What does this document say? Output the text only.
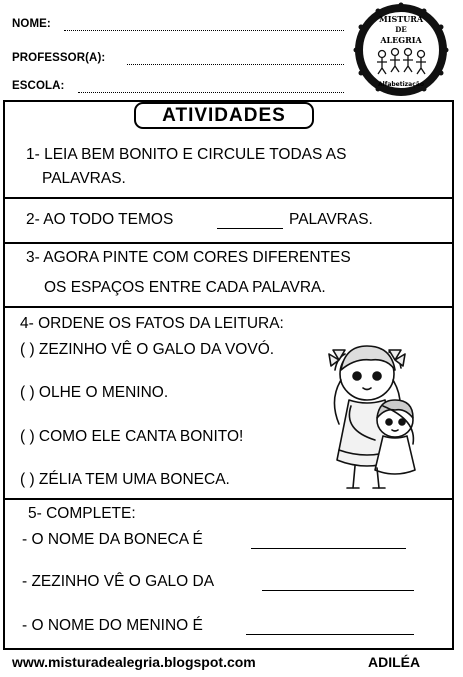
NOME:
PROFESSOR(A):
ESCOLA:
MISTURA
DE
ALEGRIA
Alfabetização
ATIVIDADES
1- LEIA BEM BONITO E CIRCULE TODAS AS
PALAVRAS.
2- AO TODO TEMOS	PALAVRAS.
3- AGORA PINTE COM CORES DIFERENTES
OS ESPAÇOS ENTRE CADA PALAVRA.
4- ORDENE OS FATOS DA LEITURA:
( ) ZEZINHO VÊ O GALO DA VOVÓ.
( ) OLHE O MENINO.
( ) COMO ELE CANTA BONITO!
( ) ZÉLIA TEM UMA BONECA.
5- COMPLETE:
- O NOME DA BONECA É
- ZEZINHO VÊ O GALO DA
- O NOME DO MENINO É
www.misturadealegria.blogspot.com	ADILÉA
